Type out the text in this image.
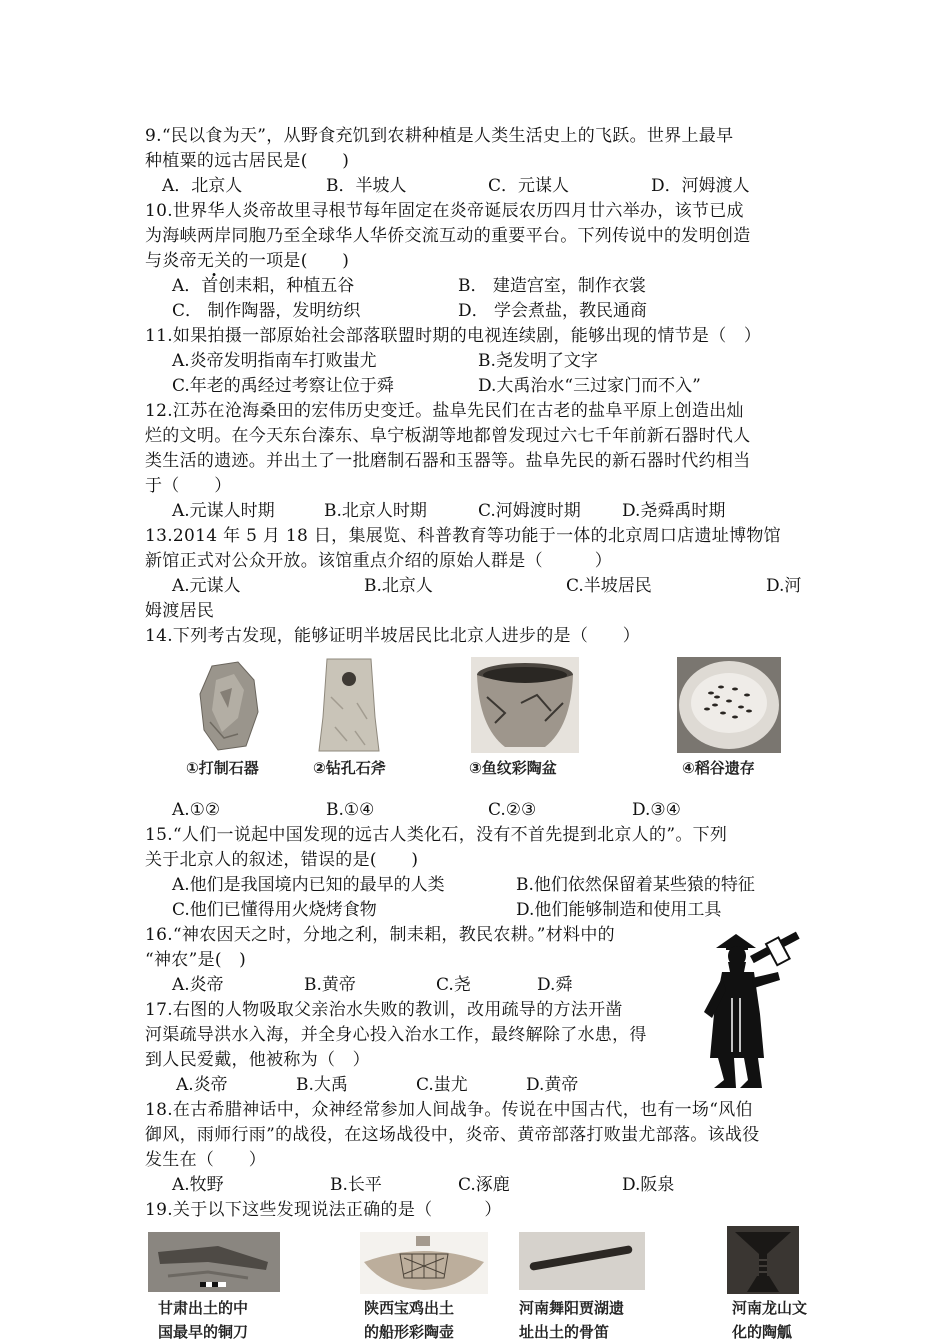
9.“民以食为天”，从野食充饥到农耕种植是人类生活史上的飞跃。世界上最早
种植粟的远古居民是(　　)
A．北京人	B．半坡人	C．元谋人	D．河姆渡人
10.世界华人炎帝故里寻根节每年固定在炎帝诞辰农历四月廿六举办，该节已成
为海峡两岸同胞乃至全球华人华侨交流互动的重要平台。下列传说中的发明创造
与炎帝无关的一项是(　　)
A．首创耒耜，种植五谷	B． 建造宫室，制作衣裳
C． 制作陶器，发明纺织	D． 学会煮盐，教民通商
11.如果拍摄一部原始社会部落联盟时期的电视连续剧，能够出现的情节是（　）
A.炎帝发明指南车打败蚩尤	B.尧发明了文字
C.年老的禹经过考察让位于舜	D.大禹治水“三过家门而不入”
12.江苏在沧海桑田的宏伟历史变迁。盐阜先民们在古老的盐阜平原上创造出灿
烂的文明。在今天东台溱东、阜宁板湖等地都曾发现过六七千年前新石器时代人
类生活的遗迹。并出土了一批磨制石器和玉器等。盐阜先民的新石器时代约相当
于（　　）
A.元谋人时期	B.北京人时期	C.河姆渡时期 D.尧舜禹时期
13.2014 年 5 月 18 日，集展览、科普教育等功能于一体的北京周口店遗址博物馆
新馆正式对公众开放。该馆重点介绍的原始人群是（　　　）
A.元谋人	B.北京人	C.半坡居民	D.河
姆渡居民
14.下列考古发现，能够证明半坡居民比北京人进步的是（　　）
①打制石器	②钻孔石斧	③鱼纹彩陶盆	④稻谷遗存
A.①②	B.①④	C.②③	D.③④
15.“人们一说起中国发现的远古人类化石，没有不首先提到北京人的”。下列
关于北京人的叙述，错误的是(　　)
A.他们是我国境内已知的最早的人类	B.他们依然保留着某些猿的特征
C.他们已懂得用火烧烤食物	D.他们能够制造和使用工具
16.“神农因天之时，分地之利，制耒耜，教民农耕。”材料中的
“神农”是(　)
A.炎帝	B.黄帝	C.尧	D.舜
17.右图的人物吸取父亲治水失败的教训，改用疏导的方法开凿
河渠疏导洪水入海，并全身心投入治水工作，最终解除了水患，得
到人民爱戴，他被称为（　）
A.炎帝	B.大禹	C.蚩尤	D.黄帝
18.在古希腊神话中，众神经常参加人间战争。传说在中国古代，也有一场“风伯
御风，雨师行雨”的战役，在这场战役中，炎帝、黄帝部落打败蚩尤部落。该战役
发生在（　　）
A.牧野	B.长平	C.涿鹿	D.阪泉
19.关于以下这些发现说法正确的是（　　　）
甘肃出土的中
国最早的铜刀
陕西宝鸡出土
的船形彩陶壶
河南舞阳贾湖遗
址出土的骨笛
河南龙山文
化的陶觚
